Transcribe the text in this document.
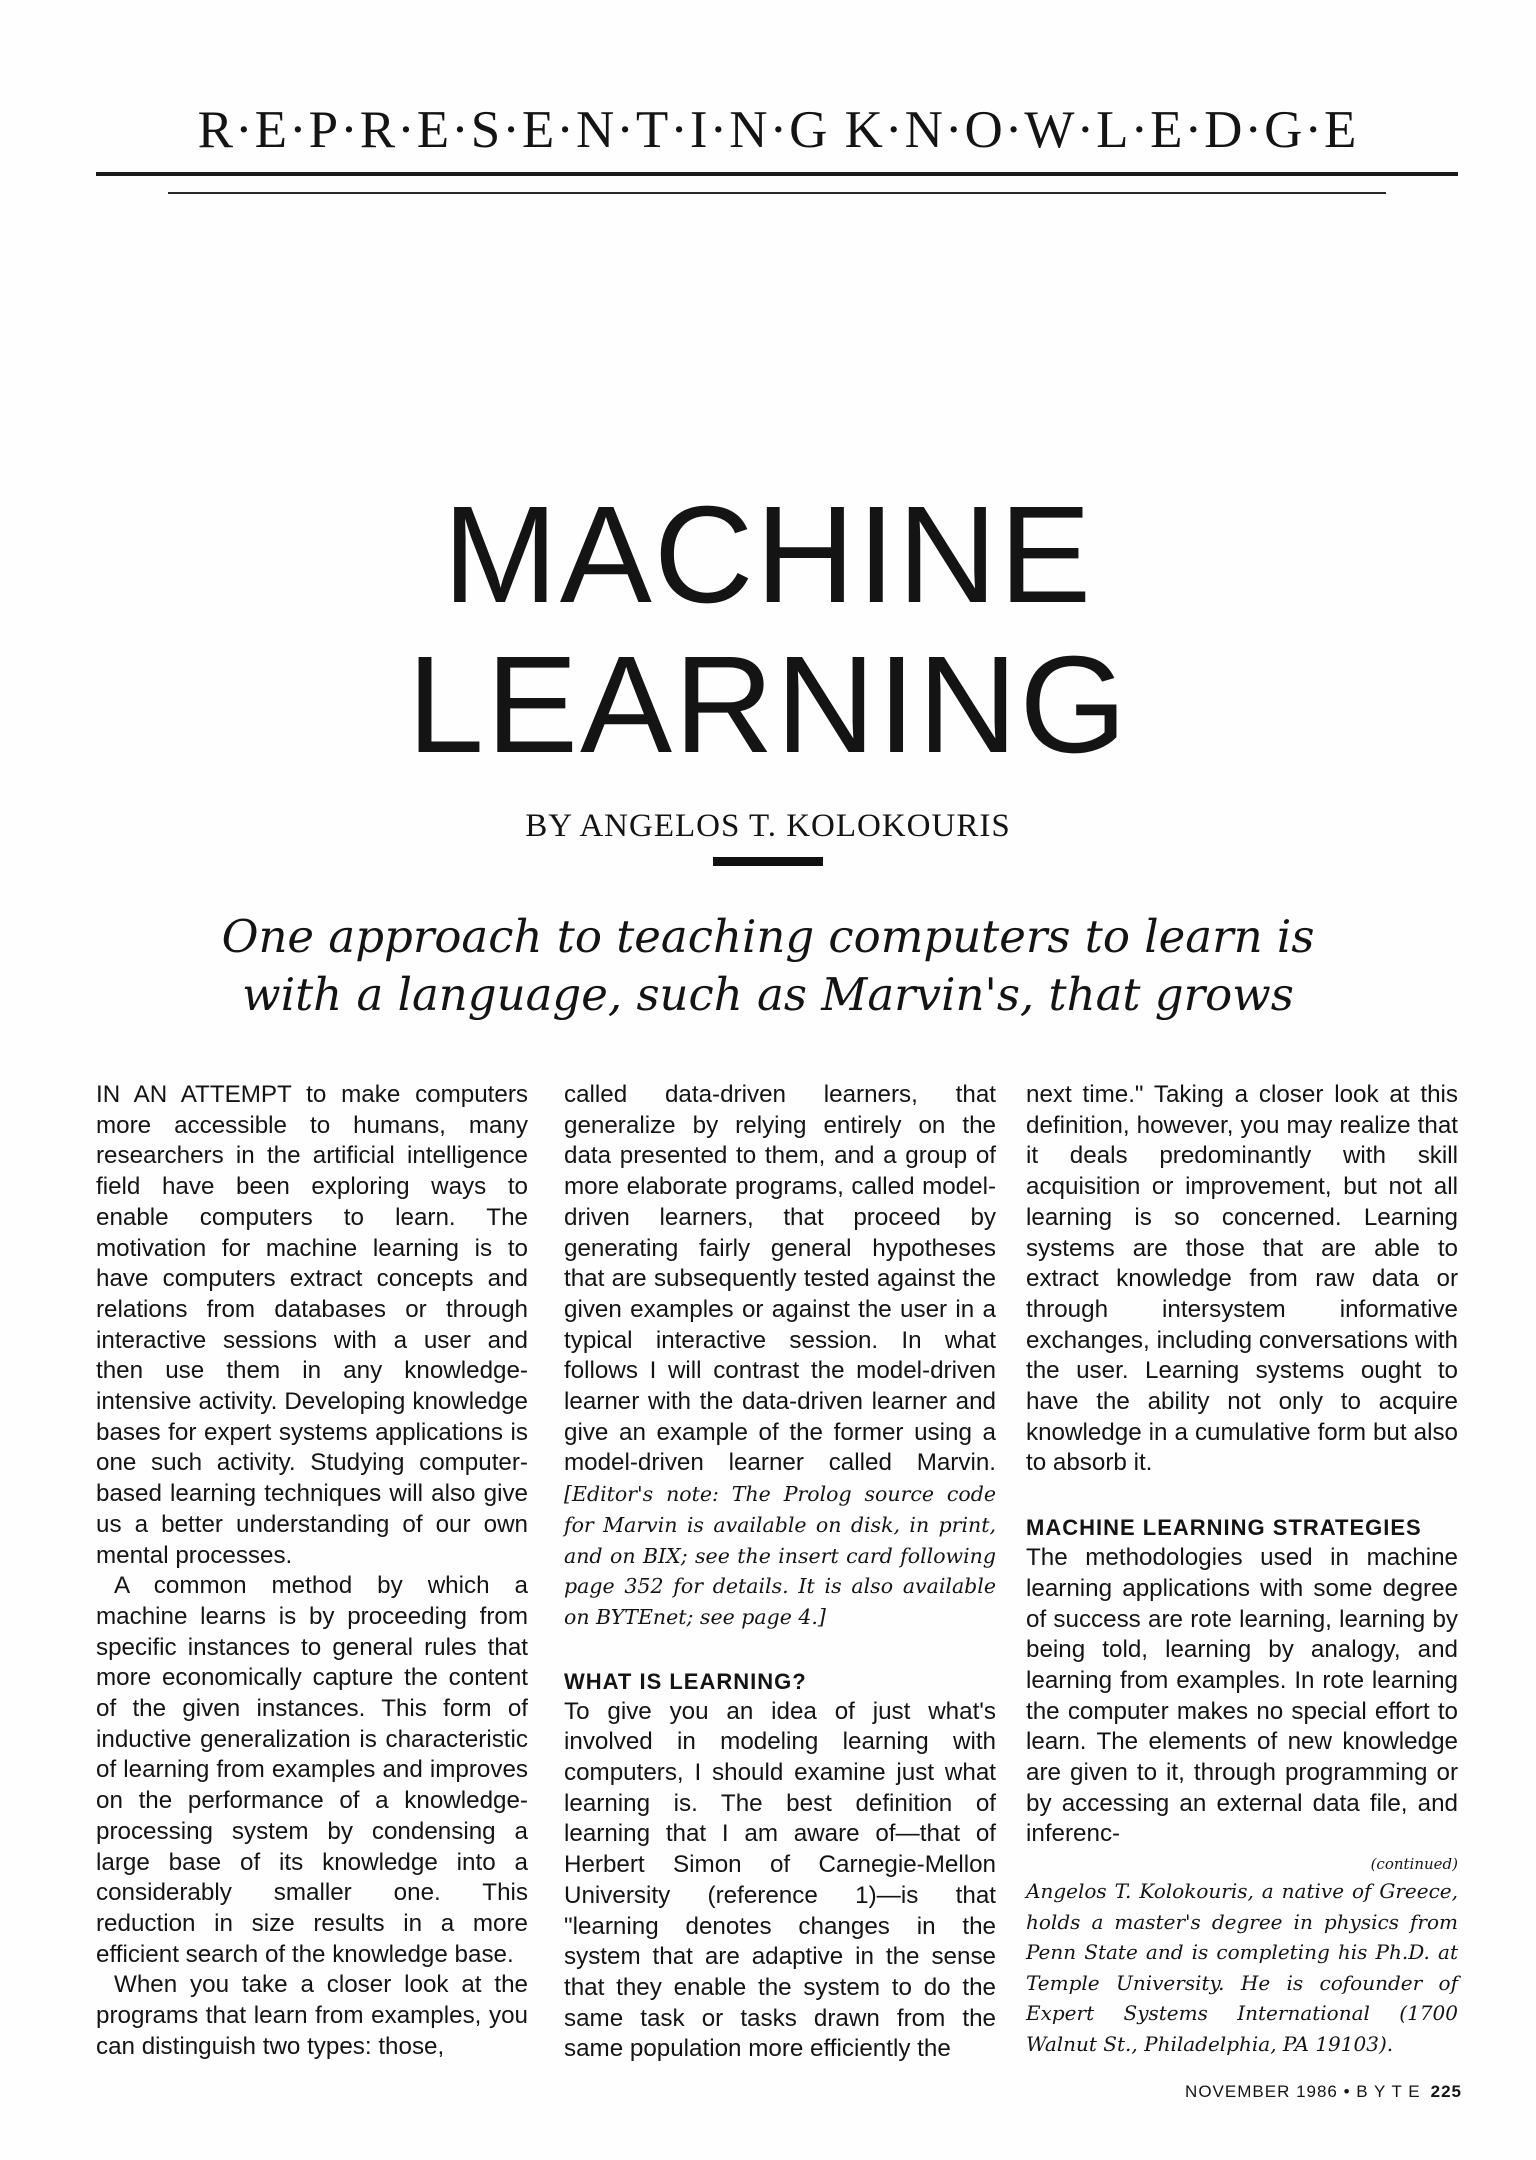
R·E·P·R·E·S·E·N·T·I·N·G K·N·O·W·L·E·D·G·E
MACHINE
LEARNING
BY ANGELOS T. KOLOKOURIS
One approach to teaching computers to learn is
with a language, such as Marvin's, that grows

IN AN ATTEMPT to make computers more accessible to humans, many researchers in the artificial intelligence field have been exploring ways to enable computers to learn. The motivation for machine learning is to have computers extract concepts and relations from databases or through interactive sessions with a user and then use them in any knowledge-intensive activity. Developing knowledge bases for expert systems applications is one such activity. Studying computer-based learning techniques will also give us a better understanding of our own mental processes.

A common method by which a machine learns is by proceeding from specific instances to general rules that more economically capture the content of the given instances. This form of inductive generalization is characteristic of learning from examples and improves on the performance of a knowledge-processing system by condensing a large base of its knowledge into a considerably smaller one. This reduction in size results in a more efficient search of the knowledge base.

When you take a closer look at the programs that learn from examples, you can distinguish two types: those,

called data-driven learners, that generalize by relying entirely on the data presented to them, and a group of more elaborate programs, called model-driven learners, that proceed by generating fairly general hypotheses that are subsequently tested against the given examples or against the user in a typical interactive session. In what follows I will contrast the model-driven learner with the data-driven learner and give an example of the former using a model-driven learner called Marvin. [Editor's note: The Prolog source code for Marvin is available on disk, in print, and on BIX; see the insert card following page 352 for details. It is also available on BYTEnet; see page 4.]

WHAT IS LEARNING?

To give you an idea of just what's involved in modeling learning with computers, I should examine just what learning is. The best definition of learning that I am aware of—that of Herbert Simon of Carnegie-Mellon University (reference 1)—is that "learning denotes changes in the system that are adaptive in the sense that they enable the system to do the same task or tasks drawn from the same population more efficiently the

next time." Taking a closer look at this definition, however, you may realize that it deals predominantly with skill acquisition or improvement, but not all learning is so concerned. Learning systems are those that are able to extract knowledge from raw data or through intersystem informative exchanges, including conversations with the user. Learning systems ought to have the ability not only to acquire knowledge in a cumulative form but also to absorb it.

MACHINE LEARNING STRATEGIES

The methodologies used in machine learning applications with some degree of success are rote learning, learning by being told, learning by analogy, and learning from examples. In rote learning the computer makes no special effort to learn. The elements of new knowledge are given to it, through programming or by accessing an external data file, and inferenc-

(continued)

Angelos T. Kolokouris, a native of Greece, holds a master's degree in physics from Penn State and is completing his Ph.D. at Temple University. He is cofounder of Expert Systems International (1700 Walnut St., Philadelphia, PA 19103).

NOVEMBER 1986 • B Y T E 225
